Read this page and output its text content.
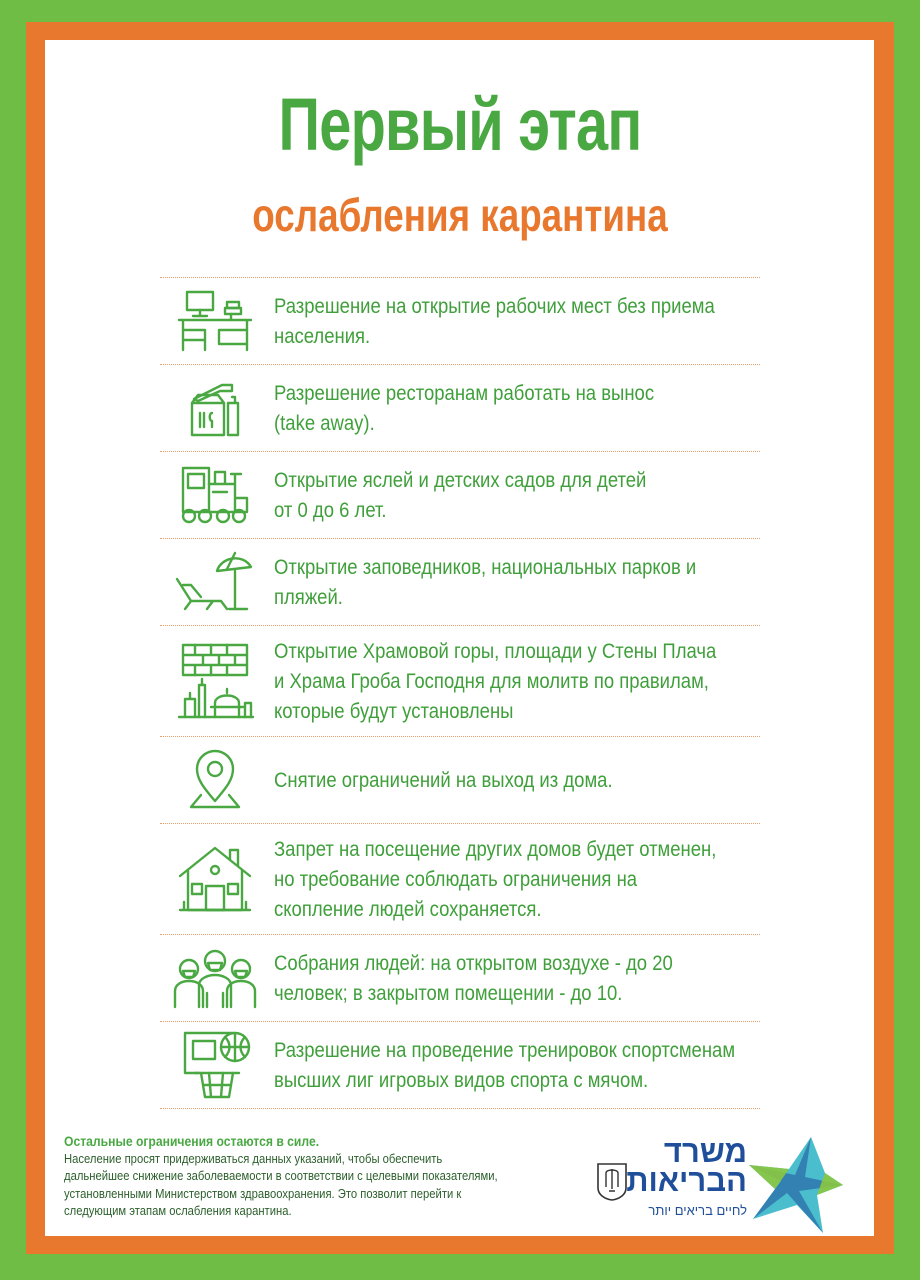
Первый этап
ослабления карантина
Разрешение на открытие рабочих мест без приема
населения.
Разрешение ресторанам работать на вынос
(take away).
Открытие яслей и детских садов для детей
от 0 до 6 лет.
Открытие заповедников, национальных парков и
пляжей.
Открытие Храмовой горы, площади у Стены Плача
и Храма Гроба Господня для молитв по правилам,
которые будут установлены
Снятие ограничений на выход из дома.
Запрет на посещение других домов будет отменен,
но требование соблюдать ограничения на
скопление людей сохраняется.
Собрания людей: на открытом воздухе - до 20
человек; в закрытом помещении - до 10.
Разрешение на проведение тренировок спортсменам
высших лиг игровых видов спорта с мячом.
Остальные ограничения остаются в силе.
Население просят придерживаться данных указаний, чтобы обеспечить
дальнейшее снижение заболеваемости в соответствии с целевыми показателями,
установленными Министерством здравоохранения. Это позволит перейти к
следующим этапам ослабления карантина.
משרד
הבריאות
לחיים בריאים יותר
